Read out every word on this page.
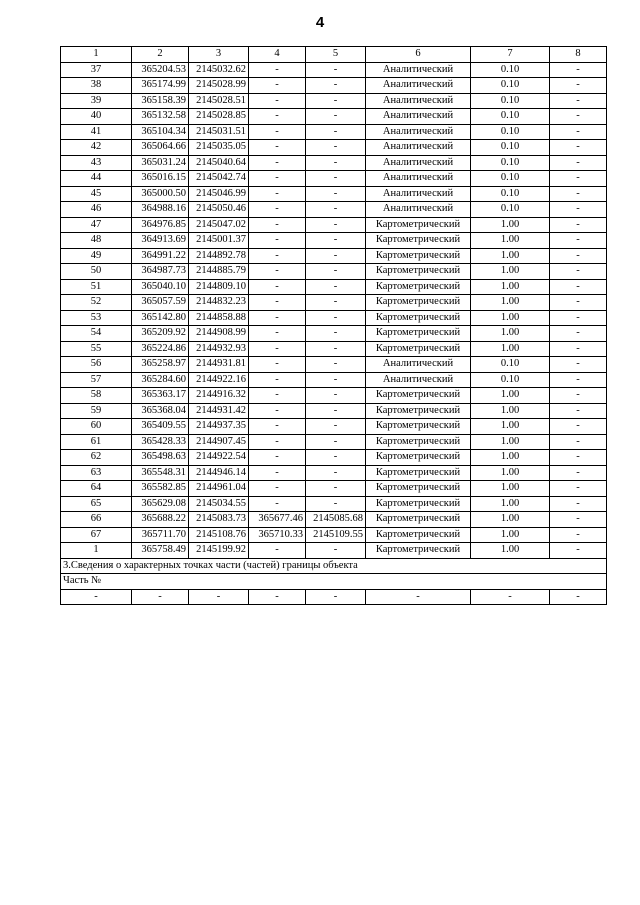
4
1	2	3	4	5	6	7	8
37	365204.53	2145032.62	-	-	Аналитический	0.10	-
38	365174.99	2145028.99	-	-	Аналитический	0.10	-
39	365158.39	2145028.51	-	-	Аналитический	0.10	-
40	365132.58	2145028.85	-	-	Аналитический	0.10	-
41	365104.34	2145031.51	-	-	Аналитический	0.10	-
42	365064.66	2145035.05	-	-	Аналитический	0.10	-
43	365031.24	2145040.64	-	-	Аналитический	0.10	-
44	365016.15	2145042.74	-	-	Аналитический	0.10	-
45	365000.50	2145046.99	-	-	Аналитический	0.10	-
46	364988.16	2145050.46	-	-	Аналитический	0.10	-
47	364976.85	2145047.02	-	-	Картометрический	1.00	-
48	364913.69	2145001.37	-	-	Картометрический	1.00	-
49	364991.22	2144892.78	-	-	Картометрический	1.00	-
50	364987.73	2144885.79	-	-	Картометрический	1.00	-
51	365040.10	2144809.10	-	-	Картометрический	1.00	-
52	365057.59	2144832.23	-	-	Картометрический	1.00	-
53	365142.80	2144858.88	-	-	Картометрический	1.00	-
54	365209.92	2144908.99	-	-	Картометрический	1.00	-
55	365224.86	2144932.93	-	-	Картометрический	1.00	-
56	365258.97	2144931.81	-	-	Аналитический	0.10	-
57	365284.60	2144922.16	-	-	Аналитический	0.10	-
58	365363.17	2144916.32	-	-	Картометрический	1.00	-
59	365368.04	2144931.42	-	-	Картометрический	1.00	-
60	365409.55	2144937.35	-	-	Картометрический	1.00	-
61	365428.33	2144907.45	-	-	Картометрический	1.00	-
62	365498.63	2144922.54	-	-	Картометрический	1.00	-
63	365548.31	2144946.14	-	-	Картометрический	1.00	-
64	365582.85	2144961.04	-	-	Картометрический	1.00	-
65	365629.08	2145034.55	-	-	Картометрический	1.00	-
66	365688.22	2145083.73	365677.46	2145085.68	Картометрический	1.00	-
67	365711.70	2145108.76	365710.33	2145109.55	Картометрический	1.00	-
1	365758.49	2145199.92	-	-	Картометрический	1.00	-
3.Сведения о характерных точках части (частей) границы объекта							
Часть №							
-	-	-	-	-	-	-	-
